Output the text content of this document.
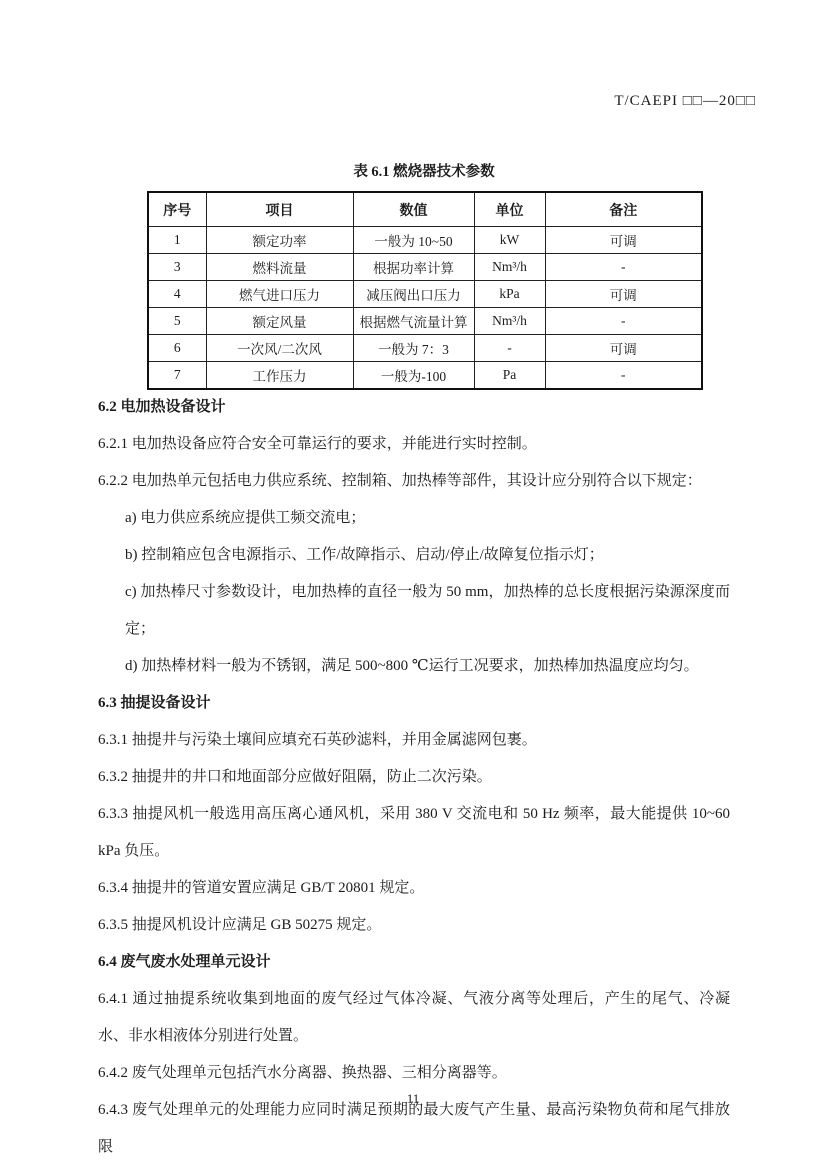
T/CAEPI □□—20□□
表 6.1 燃烧器技术参数
序号	项目	数值	单位	备注
1	额定功率	一般为 10~50	kW	可调
3	燃料流量	根据功率计算	Nm³/h	-
4	燃气进口压力	减压阀出口压力	kPa	可调
5	额定风量	根据燃气流量计算	Nm³/h	-
6	一次风/二次风	一般为 7：3	-	可调
7	工作压力	一般为-100	Pa	-
6.2 电加热设备设计

6.2.1 电加热设备应符合安全可靠运行的要求，并能进行实时控制。

6.2.2 电加热单元包括电力供应系统、控制箱、加热棒等部件，其设计应分别符合以下规定：

a) 电力供应系统应提供工频交流电；

b) 控制箱应包含电源指示、工作/故障指示、启动/停止/故障复位指示灯；

c) 加热棒尺寸参数设计，电加热棒的直径一般为 50 mm，加热棒的总长度根据污染源深度而定；

d) 加热棒材料一般为不锈钢，满足 500~800 ℃运行工况要求，加热棒加热温度应均匀。

6.3 抽提设备设计

6.3.1 抽提井与污染土壤间应填充石英砂滤料，并用金属滤网包裹。

6.3.2 抽提井的井口和地面部分应做好阻隔，防止二次污染。

6.3.3 抽提风机一般选用高压离心通风机，采用 380 V 交流电和 50 Hz 频率，最大能提供 10~60 kPa 负压。

6.3.4 抽提井的管道安置应满足 GB/T 20801 规定。

6.3.5 抽提风机设计应满足 GB 50275 规定。

6.4 废气废水处理单元设计

6.4.1 通过抽提系统收集到地面的废气经过气体冷凝、气液分离等处理后，产生的尾气、冷凝水、非水相液体分别进行处置。

6.4.2 废气处理单元包括汽水分离器、换热器、三相分离器等。

6.4.3 废气处理单元的处理能力应同时满足预期的最大废气产生量、最高污染物负荷和尾气排放限

11
